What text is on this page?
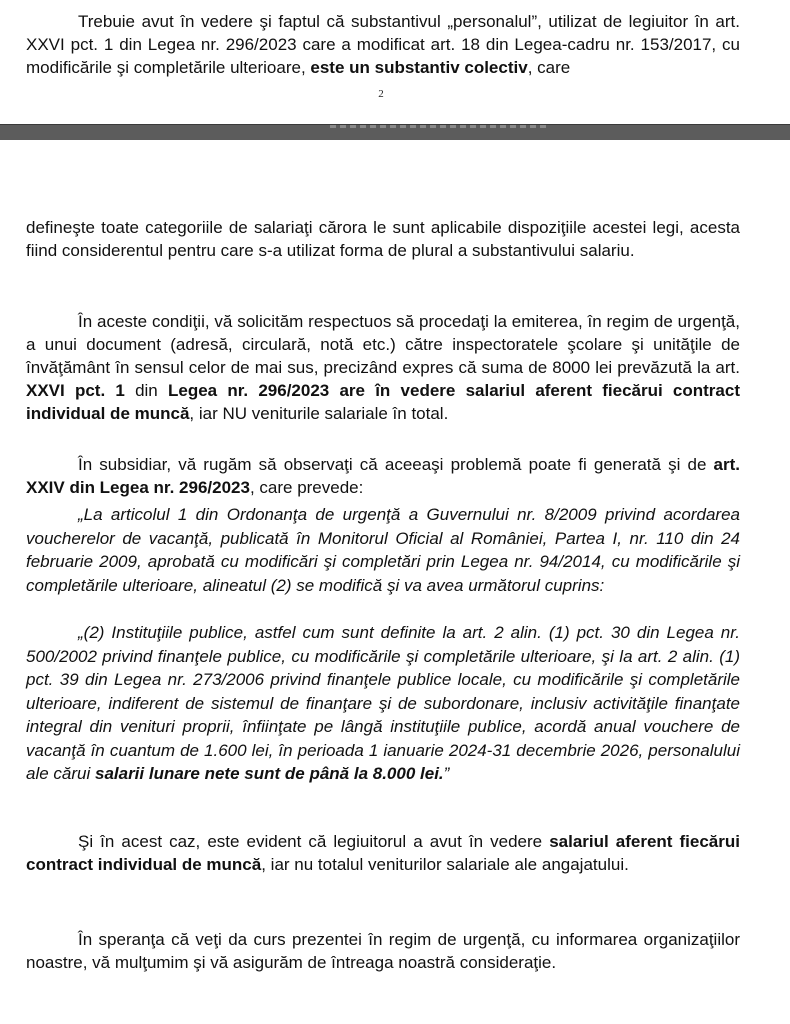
Trebuie avut în vedere şi faptul că substantivul „personalul”, utilizat de legiuitor în art. XXVI pct. 1 din Legea nr. 296/2023 care a modificat art. 18 din Legea-cadru nr. 153/2017, cu modificările şi completările ulterioare, este un substantiv colectiv, care

2

defineşte toate categoriile de salariaţi cărora le sunt aplicabile dispoziţiile acestei legi, acesta fiind considerentul pentru care s-a utilizat forma de plural a substantivului salariu.

În aceste condiţii, vă solicităm respectuos să procedaţi la emiterea, în regim de urgenţă, a unui document (adresă, circulară, notă etc.) către inspectoratele şcolare şi unităţile de învăţământ în sensul celor de mai sus, precizând expres că suma de 8000 lei prevăzută la art. XXVI pct. 1 din Legea nr. 296/2023 are în vedere salariul aferent fiecărui contract individual de muncă, iar NU veniturile salariale în total.

În subsidiar, vă rugăm să observaţi că aceeaşi problemă poate fi generată şi de art. XXIV din Legea nr. 296/2023, care prevede:

„La articolul 1 din Ordonanţa de urgenţă a Guvernului nr. 8/2009 privind acordarea voucherelor de vacanţă, publicată în Monitorul Oficial al României, Partea I, nr. 110 din 24 februarie 2009, aprobată cu modificări şi completări prin Legea nr. 94/2014, cu modificările şi completările ulterioare, alineatul (2) se modifică şi va avea următorul cuprins:

„(2) Instituţiile publice, astfel cum sunt definite la art. 2 alin. (1) pct. 30 din Legea nr. 500/2002 privind finanţele publice, cu modificările şi completările ulterioare, şi la art. 2 alin. (1) pct. 39 din Legea nr. 273/2006 privind finanţele publice locale, cu modificările şi completările ulterioare, indiferent de sistemul de finanţare şi de subordonare, inclusiv activităţile finanţate integral din venituri proprii, înfiinţate pe lângă instituţiile publice, acordă anual vouchere de vacanţă în cuantum de 1.600 lei, în perioada 1 ianuarie 2024-31 decembrie 2026, personalului ale cărui salarii lunare nete sunt de până la 8.000 lei.”

Şi în acest caz, este evident că legiuitorul a avut în vedere salariul aferent fiecărui contract individual de muncă, iar nu totalul veniturilor salariale ale angajatului.

În speranţa că veţi da curs prezentei în regim de urgenţă, cu informarea organizaţiilor noastre, vă mulţumim şi vă asigurăm de întreaga noastră consideraţie.
